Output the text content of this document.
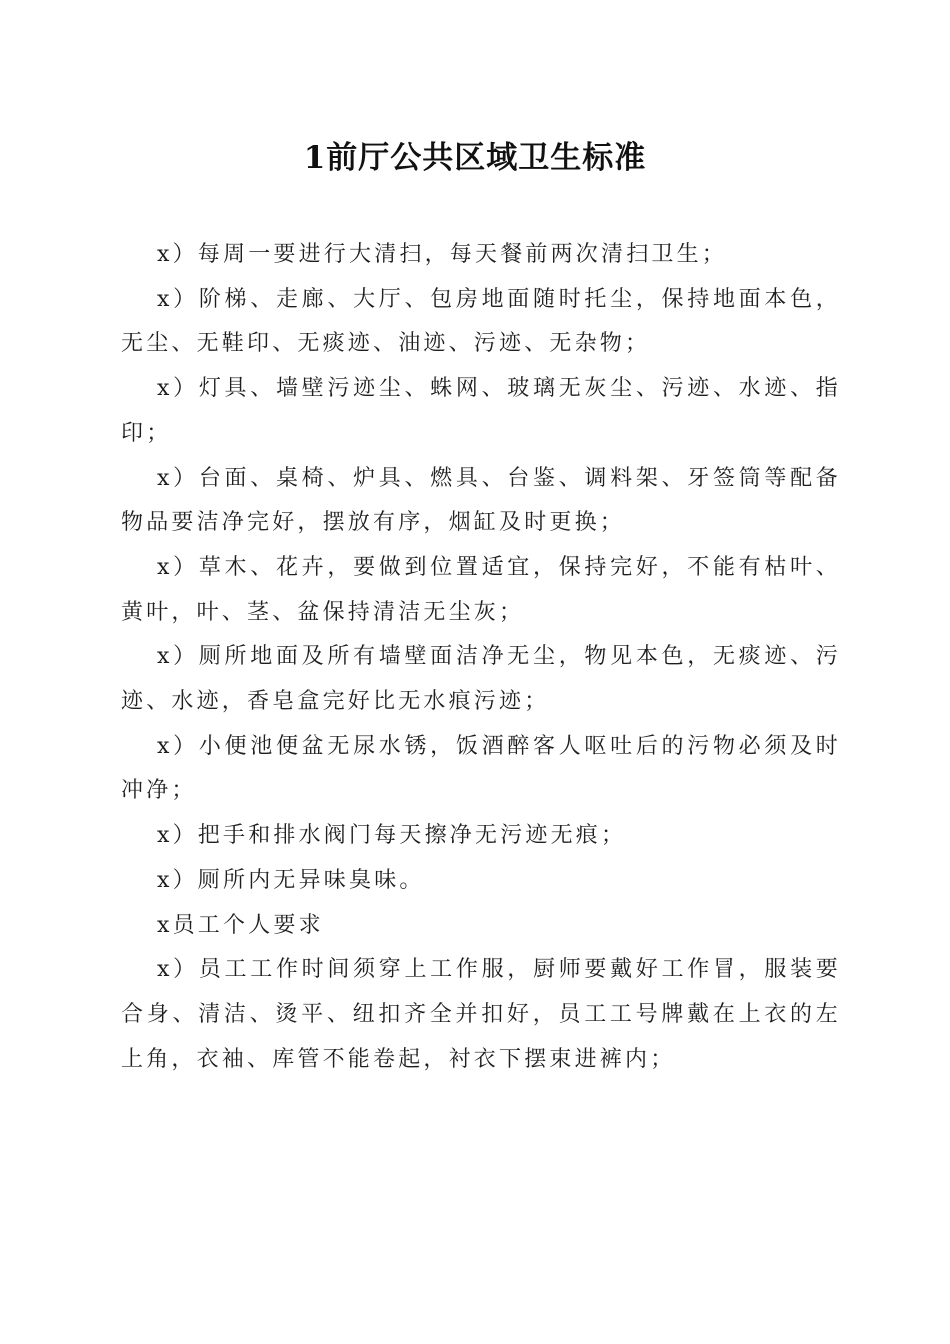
1前厅公共区域卫生标准

x）每周一要进行大清扫，每天餐前两次清扫卫生；

x）阶梯、走廊、大厅、包房地面随时托尘，保持地面本色，无尘、无鞋印、无痰迹、油迹、污迹、无杂物；

x）灯具、墙壁污迹尘、蛛网、玻璃无灰尘、污迹、水迹、指印；

x）台面、桌椅、炉具、燃具、台鉴、调料架、牙签筒等配备物品要洁净完好，摆放有序，烟缸及时更换；

x）草木、花卉，要做到位置适宜，保持完好，不能有枯叶、黄叶，叶、茎、盆保持清洁无尘灰；

x）厕所地面及所有墙壁面洁净无尘，物见本色，无痰迹、污迹、水迹，香皂盒完好比无水痕污迹；

x）小便池便盆无尿水锈，饭酒醉客人呕吐后的污物必须及时冲净；

x）把手和排水阀门每天擦净无污迹无痕；

x）厕所内无异味臭味。

x员工个人要求

x）员工工作时间须穿上工作服，厨师要戴好工作冒，服装要合身、清洁、烫平、纽扣齐全并扣好，员工工号牌戴在上衣的左上角，衣袖、库管不能卷起，衬衣下摆束进裤内；
